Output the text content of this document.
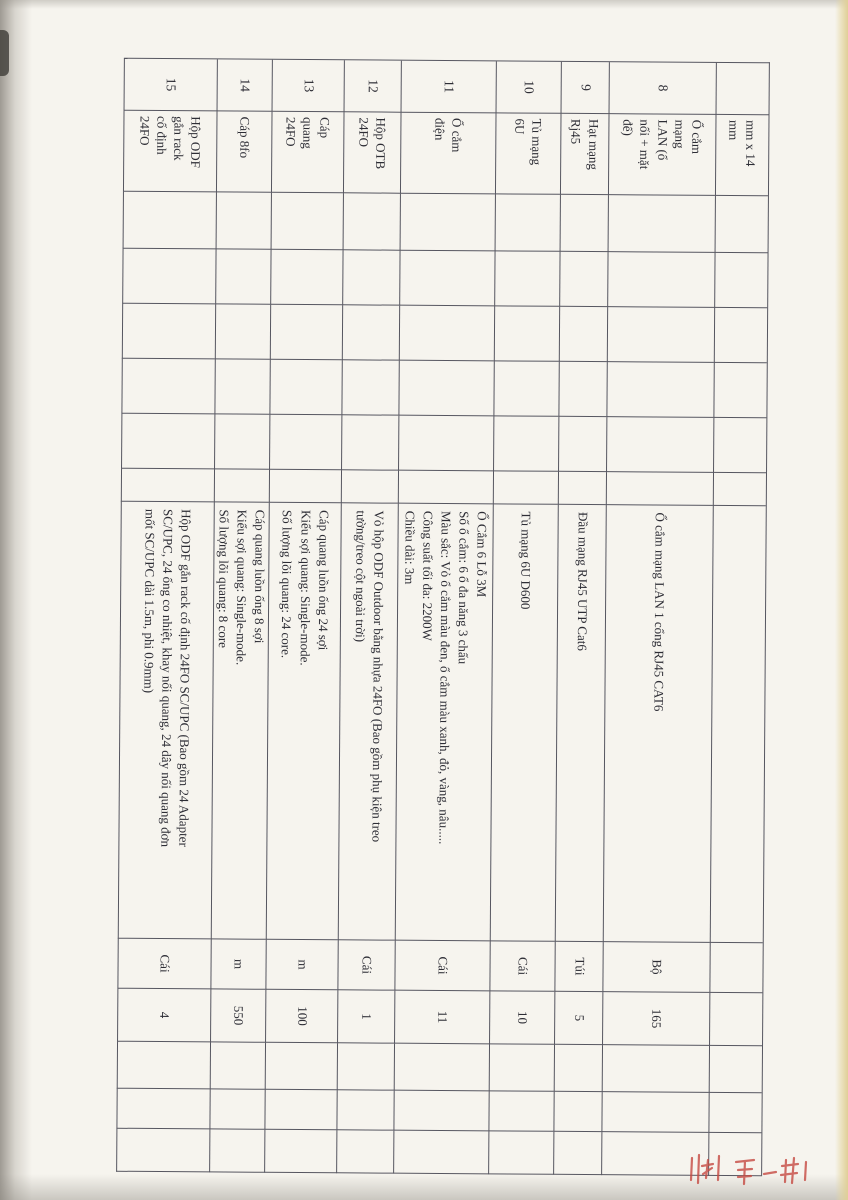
mm x 14
mm
8
Ổ cắm
mạng
LAN (ổ
nối + mặt
đế)
Ổ cắm mạng LAN 1 cổng RJ45 CAT6
Bộ
165
9
Hạt mạng
Rj45
Đầu mạng RJ45 UTP Cat6
Túi
5
10
Tủ mạng
6U
Tủ mạng 6U D600
Cái
10
11
Ổ cắm
điện
Ổ Cắm 6 Lỗ 3M
Số ổ cắm: 6 ổ đa năng 3 chấu
Màu sắc: Vỏ ổ cắm màu đen, ổ cắm màu xanh, đỏ, vàng, nâu.....
Công suất tối đa: 2200W
Chiều dài: 3m
Cái
11
12
Hộp OTB
24FO
Vỏ hộp ODF Outdoor bằng nhựa 24FO (Bao gồm phụ kiện treo
tường/treo cột ngoài trời)
Cái
1
13
Cáp
quang
24FO
Cáp quang luồn ống 24 sợi
Kiểu sợi quang: Single-mode.
Số lượng lõi quang: 24 core.
m
100
14
Cáp 8fo
Cáp quang luồn ống 8 sợi
Kiểu sợi quang: Single-mode.
Số lượng lõi quang: 8 core
m
550
15
Hộp ODF
gắn rack
cố định
24FO
Hộp ODF gắn rack cố định 24FO SC/UPC (Bao gồm 24 Adapter
SC/UPC, 24 ống co nhiệt, khay nối quang, 24 dây nối quang đơn
mốt SC/UPC dài 1.5m, phi 0.9mm)
Cái
4
